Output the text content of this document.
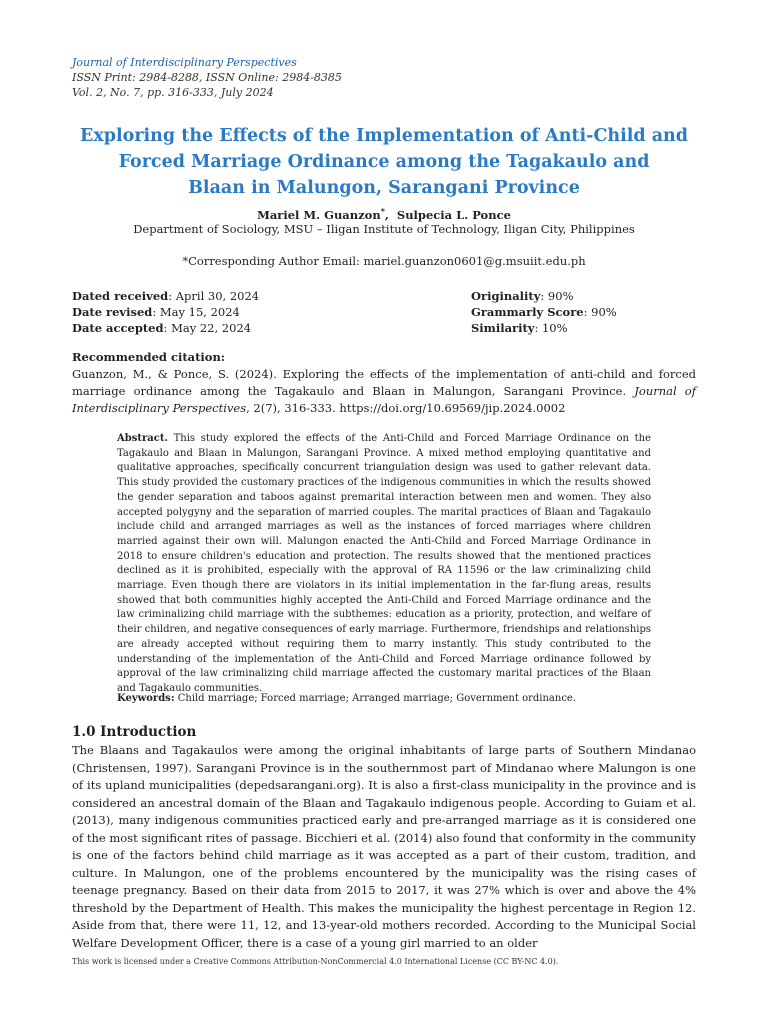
Journal of Interdisciplinary Perspectives
ISSN Print: 2984-8288, ISSN Online: 2984-8385
Vol. 2, No. 7, pp. 316-333, July 2024
Exploring the Effects of the Implementation of Anti-Child and
Forced Marriage Ordinance among the Tagakaulo and
Blaan in Malungon, Sarangani Province
Mariel M. Guanzon*,  Sulpecia L. Ponce
Department of Sociology, MSU – Iligan Institute of Technology, Iligan City, Philippines
*Corresponding Author Email: mariel.guanzon0601@g.msuiit.edu.ph
Dated received: April 30, 2024
Date revised: May 15, 2024
Date accepted: May 22, 2024
Originality: 90%
Grammarly Score: 90%
Similarity: 10%
Recommended citation:
Guanzon, M., & Ponce, S. (2024). Exploring the effects of the implementation of anti-child and forced marriage ordinance among the Tagakaulo and Blaan in Malungon, Sarangani Province. Journal of Interdisciplinary Perspectives, 2(7), 316-333. https://doi.org/10.69569/jip.2024.0002
Abstract. This study explored the effects of the Anti-Child and Forced Marriage Ordinance on the Tagakaulo and Blaan in Malungon, Sarangani Province. A mixed method employing quantitative and qualitative approaches, specifically concurrent triangulation design was used to gather relevant data. This study provided the customary practices of the indigenous communities in which the results showed the gender separation and taboos against premarital interaction between men and women. They also accepted polygyny and the separation of married couples. The marital practices of Blaan and Tagakaulo include child and arranged marriages as well as the instances of forced marriages where children married against their own will. Malungon enacted the Anti-Child and Forced Marriage Ordinance in 2018 to ensure children's education and protection. The results showed that the mentioned practices declined as it is prohibited, especially with the approval of RA 11596 or the law criminalizing child marriage. Even though there are violators in its initial implementation in the far-flung areas, results showed that both communities highly accepted the Anti-Child and Forced Marriage ordinance and the law criminalizing child marriage with the subthemes: education as a priority, protection, and welfare of their children, and negative consequences of early marriage. Furthermore, friendships and relationships are already accepted without requiring them to marry instantly. This study contributed to the understanding of the implementation of the Anti-Child and Forced Marriage ordinance followed by approval of the law criminalizing child marriage affected the customary marital practices of the Blaan and Tagakaulo communities.
Keywords: Child marriage; Forced marriage; Arranged marriage; Government ordinance.
1.0 Introduction
The Blaans and Tagakaulos were among the original inhabitants of large parts of Southern Mindanao (Christensen, 1997). Sarangani Province is in the southernmost part of Mindanao where Malungon is one of its upland municipalities (depedsarangani.org). It is also a first-class municipality in the province and is considered an ancestral domain of the Blaan and Tagakaulo indigenous people. According to Guiam et al. (2013), many indigenous communities practiced early and pre-arranged marriage as it is considered one of the most significant rites of passage. Bicchieri et al. (2014) also found that conformity in the community is one of the factors behind child marriage as it was accepted as a part of their custom, tradition, and culture. In Malungon, one of the problems encountered by the municipality was the rising cases of teenage pregnancy. Based on their data from 2015 to 2017, it was 27% which is over and above the 4% threshold by the Department of Health. This makes the municipality the highest percentage in Region 12. Aside from that, there were 11, 12, and 13-year-old mothers recorded. According to the Municipal Social Welfare Development Officer, there is a case of a young girl married to an older
This work is licensed under a Creative Commons Attribution-NonCommercial 4.0 International License (CC BY-NC 4.0).
